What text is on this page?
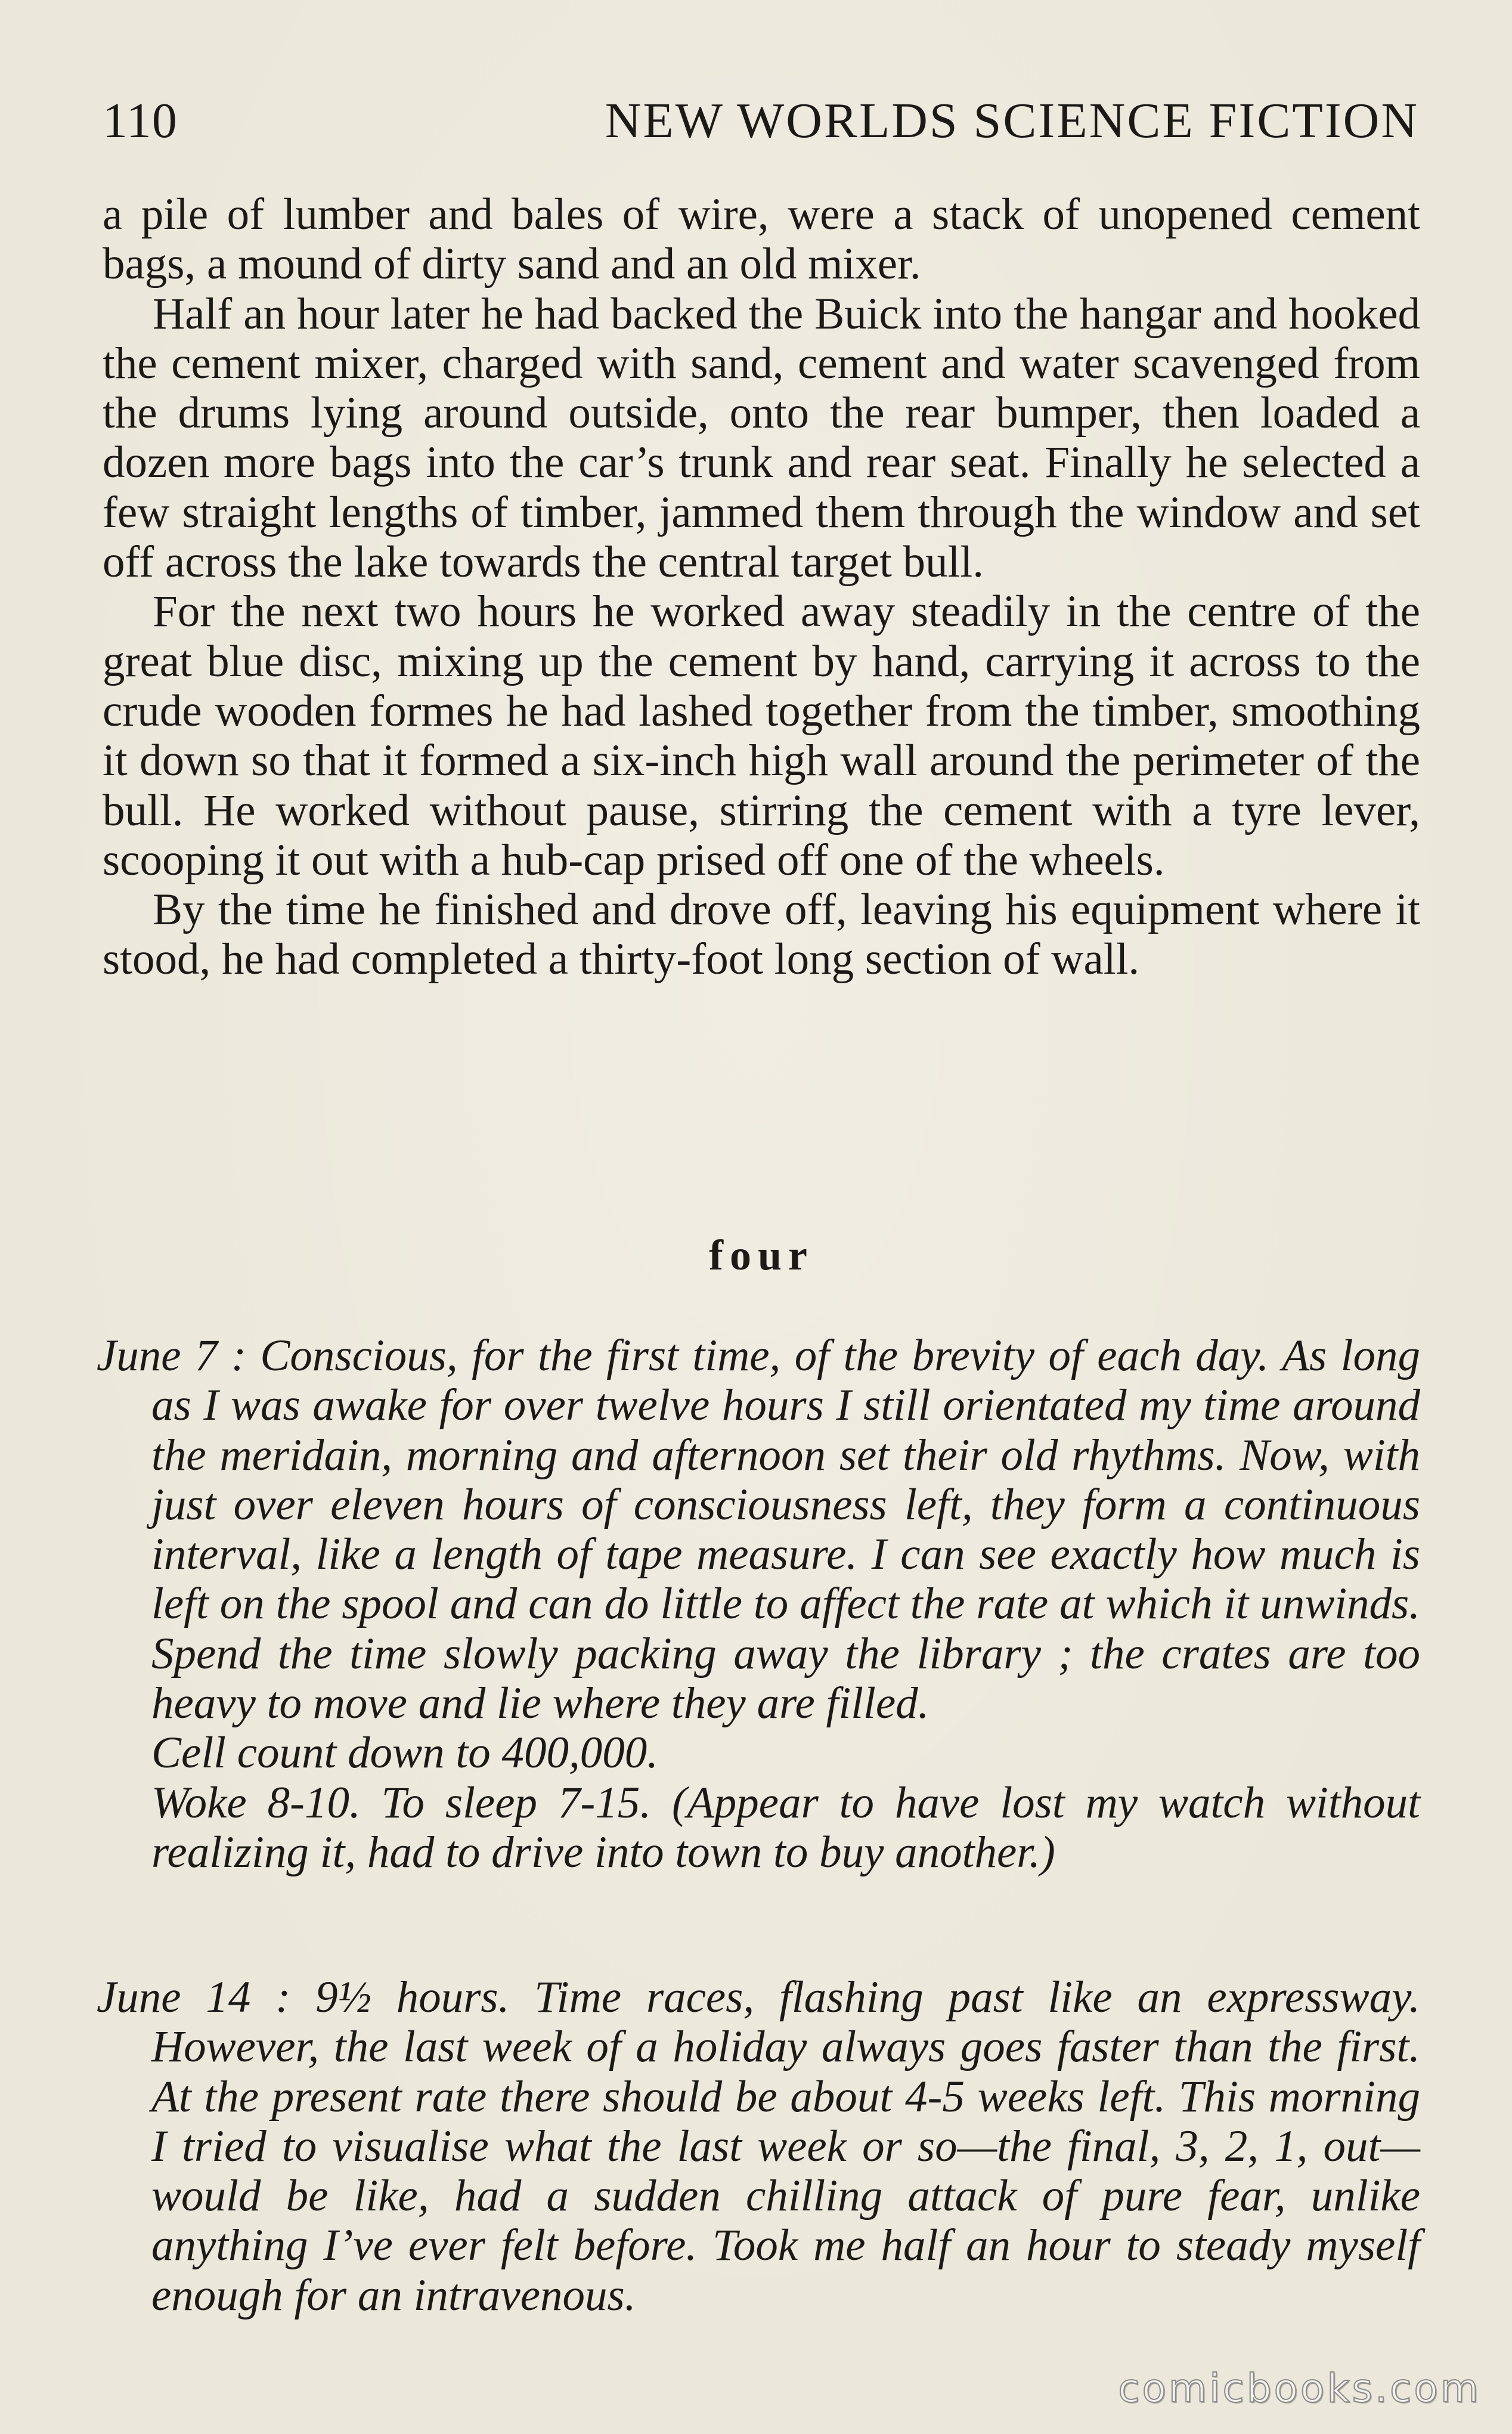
110	NEW WORLDS SCIENCE FICTION

a pile of lumber and bales of wire, were a stack of unopened cement bags, a mound of dirty sand and an old mixer.

Half an hour later he had backed the Buick into the hangar and hooked the cement mixer, charged with sand, cement and water scavenged from the drums lying around outside, onto the rear bumper, then loaded a dozen more bags into the car’s trunk and rear seat. Finally he selected a few straight lengths of timber, jammed them through the window and set off across the lake towards the central target bull.

For the next two hours he worked away steadily in the centre of the great blue disc, mixing up the cement by hand, carrying it across to the crude wooden formes he had lashed together from the timber, smoothing it down so that it formed a six-inch high wall around the perimeter of the bull. He worked without pause, stirring the cement with a tyre lever, scooping it out with a hub-cap prised off one of the wheels.

By the time he finished and drove off, leaving his equipment where it stood, he had completed a thirty-foot long section of wall.

four

June 7 : Conscious, for the first time, of the brevity of each day. As long as I was awake for over twelve hours I still orientated my time around the meridain, morning and afternoon set their old rhythms. Now, with just over eleven hours of consciousness left, they form a continuous interval, like a length of tape measure. I can see exactly how much is left on the spool and can do little to affect the rate at which it unwinds. Spend the time slowly packing away the library ; the crates are too heavy to move and lie where they are filled.

Cell count down to 400,000.

Woke 8-10. To sleep 7-15. (Appear to have lost my watch without realizing it, had to drive into town to buy another.)

June 14 : 9½ hours. Time races, flashing past like an expressway. However, the last week of a holiday always goes faster than the first. At the present rate there should be about 4-5 weeks left. This morning I tried to visualise what the last week or so—the final, 3, 2, 1, out—would be like, had a sudden chilling attack of pure fear, unlike anything I’ve ever felt before. Took me half an hour to steady myself enough for an intravenous.

comicbooks.com
